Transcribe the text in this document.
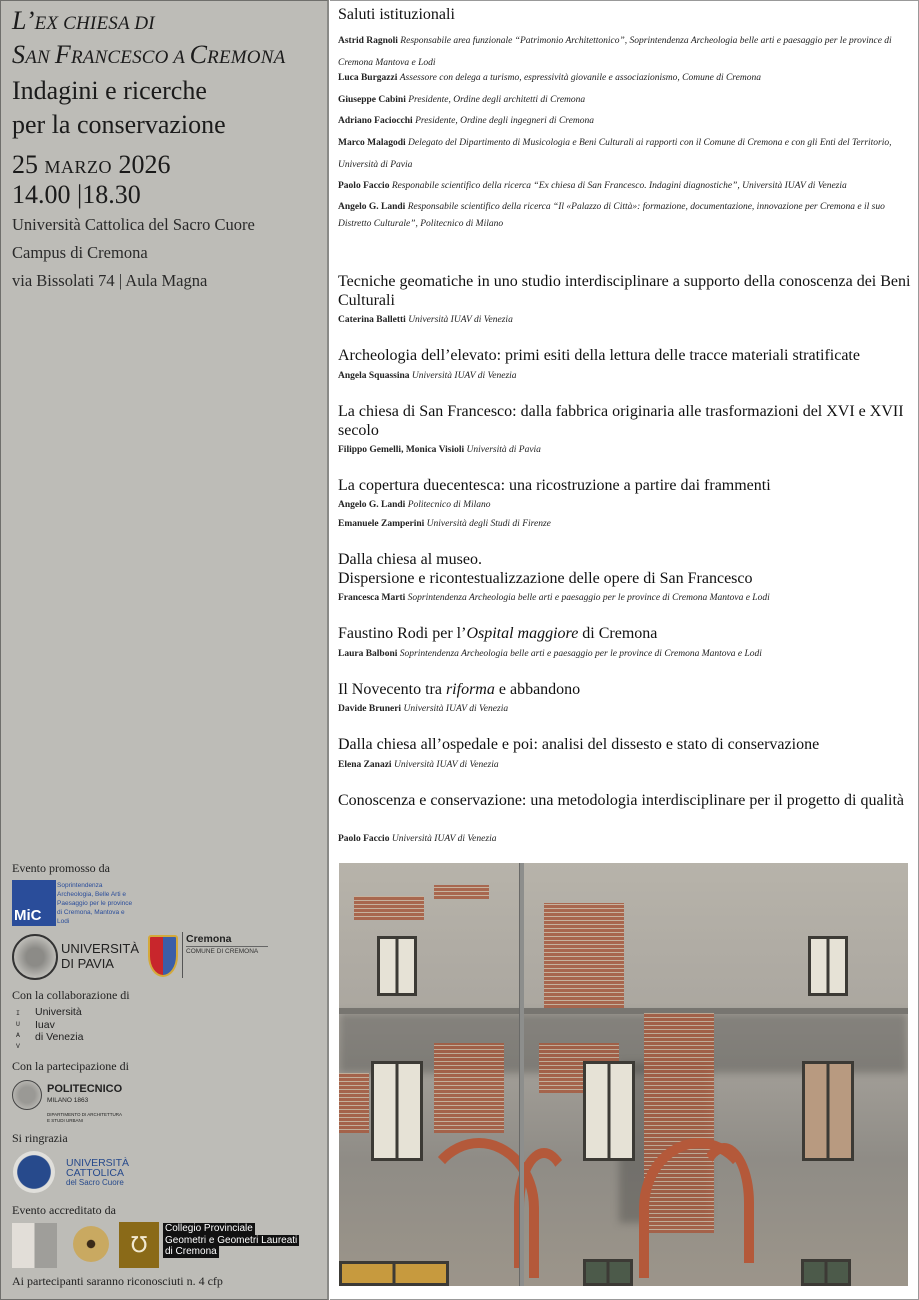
L’EX CHIESA DI
SAN FRANCESCO A CREMONA
Indagini e ricerche
per la conservazione
25 MARZO 2026
14.00 |18.30
Università Cattolica del Sacro Cuore
Campus di Cremona
via Bissolati 74 | Aula Magna
Evento promosso da
MiC
Soprintendenza Archeologia, Belle Arti e Paesaggio per le province di Cremona, Mantova e Lodi
UNIVERSITÀ
DI PAVIA
Cremona
COMUNE DI CREMONA
Con la collaborazione di
I
U
A
V
Università
Iuav
di Venezia
Con la partecipazione di
POLITECNICO
MILANO 1863
DIPARTIMENTO DI ARCHITETTURA
E STUDI URBANI
Si ringrazia
UNIVERSITÀ
CATTOLICA
del Sacro Cuore
Evento accreditato da
℧
Collegio Provinciale
Geometri e Geometri Laureati
di Cremona
Ai partecipanti saranno riconosciuti n. 4 cfp
Saluti istituzionali
Astrid Ragnoli Responsabile area funzionale “Patrimonio Architettonico”, Soprintendenza Archeologia belle arti e paesaggio per le province di Cremona Mantova e Lodi
Luca Burgazzi Assessore con delega a turismo, espressività giovanile e associazionismo, Comune di Cremona
Giuseppe Cabini Presidente, Ordine degli architetti di Cremona
Adriano Faciocchi Presidente, Ordine degli ingegneri di Cremona
Marco Malagodi Delegato del Dipartimento di Musicologia e Beni Culturali ai rapporti con il Comune di Cremona e con gli Enti del Territorio, Università di Pavia
Paolo Faccio Responabile scientifico della ricerca “Ex chiesa di San Francesco. Indagini diagnostiche”, Università IUAV di Venezia
Angelo G. Landi Responsabile scientifico della ricerca “Il «Palazzo di Città»: formazione, documentazione, innovazione per Cremona e il suo Distretto Culturale”, Politecnico di Milano
Tecniche geomatiche in uno studio interdisciplinare a supporto della conoscenza dei Beni Culturali
Caterina Balletti Università IUAV di Venezia
Archeologia dell’elevato: primi esiti della lettura delle tracce materiali stratificate
Angela Squassina Università IUAV di Venezia
La chiesa di San Francesco: dalla fabbrica originaria alle trasformazioni del XVI e XVII secolo
Filippo Gemelli, Monica Visioli Università di Pavia
La copertura duecentesca: una ricostruzione a partire dai frammenti
Angelo G. Landi Politecnico di Milano
Emanuele Zamperini Università degli Studi di Firenze
Dalla chiesa al museo.
Dispersione e ricontestualizzazione delle opere di San Francesco
Francesca Marti Soprintendenza Archeologia belle arti e paesaggio per le province di Cremona Mantova e Lodi
Faustino Rodi per l’Ospital maggiore di Cremona
Laura Balboni Soprintendenza Archeologia belle arti e paesaggio per le province di Cremona Mantova e Lodi
Il Novecento tra riforma e abbandono
Davide Bruneri Università IUAV di Venezia
Dalla chiesa all’ospedale e poi: analisi del dissesto e stato di conservazione
Elena Zanazi Università IUAV di Venezia
Conoscenza e conservazione: una metodologia interdisciplinare per il progetto di qualità
Paolo Faccio Università IUAV di Venezia
